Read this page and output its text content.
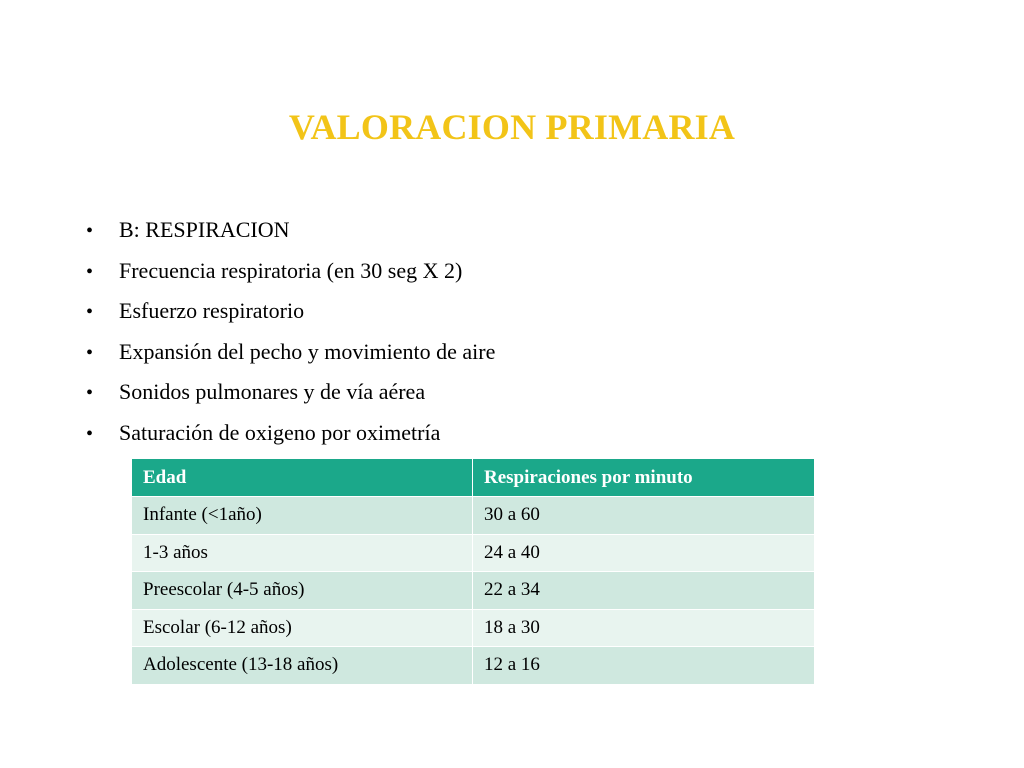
VALORACION PRIMARIA
•	B: RESPIRACION
•	Frecuencia respiratoria (en 30 seg X 2)
•	Esfuerzo respiratorio
•	Expansión del pecho y movimiento de aire
•	Sonidos pulmonares y de vía aérea
•	Saturación de oxigeno por oximetría
Edad	Respiraciones por minuto
Infante (<1año)	30 a 60
1-3 años	24 a 40
Preescolar (4-5 años)	22 a 34
Escolar (6-12 años)	18 a 30
Adolescente (13-18 años)	12 a 16
